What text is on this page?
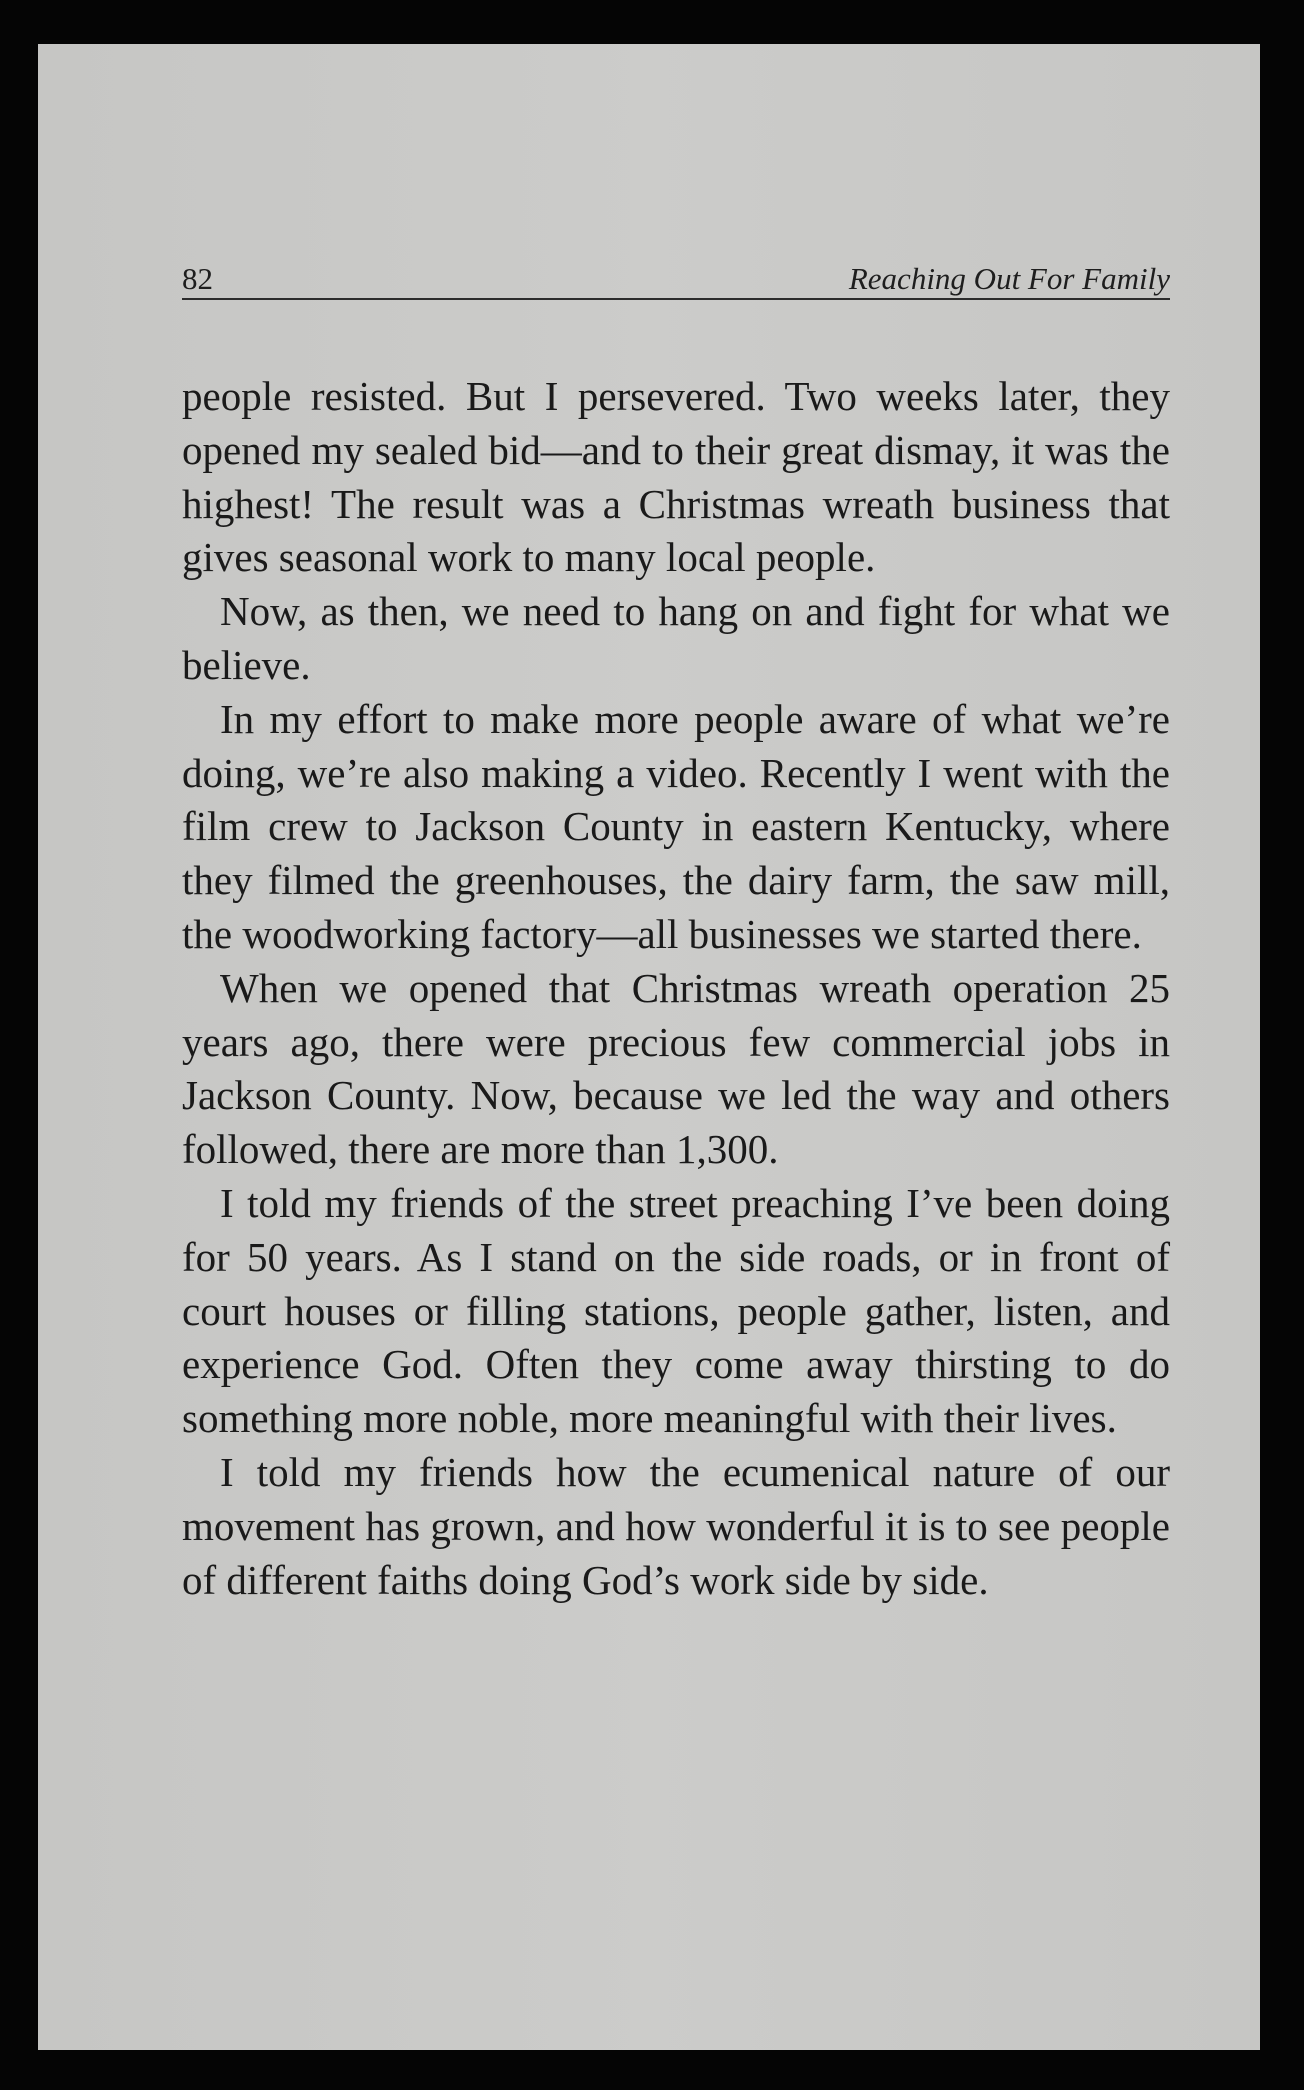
82	Reaching Out For Family

people resisted. But I persevered. Two weeks later, they opened my sealed bid—and to their great dismay, it was the highest! The result was a Christmas wreath business that gives seasonal work to many local people.

Now, as then, we need to hang on and fight for what we believe.

In my effort to make more people aware of what we’re doing, we’re also making a video. Recently I went with the film crew to Jackson County in eastern Kentucky, where they filmed the greenhouses, the dairy farm, the saw mill, the woodworking factory—all businesses we started there.

When we opened that Christmas wreath operation 25 years ago, there were precious few commercial jobs in Jackson County. Now, because we led the way and others followed, there are more than 1,300.

I told my friends of the street preaching I’ve been doing for 50 years. As I stand on the side roads, or in front of court houses or filling stations, people gather, listen, and experience God. Often they come away thirsting to do something more noble, more meaningful with their lives.

I told my friends how the ecumenical nature of our movement has grown, and how wonderful it is to see people of different faiths doing God’s work side by side.
